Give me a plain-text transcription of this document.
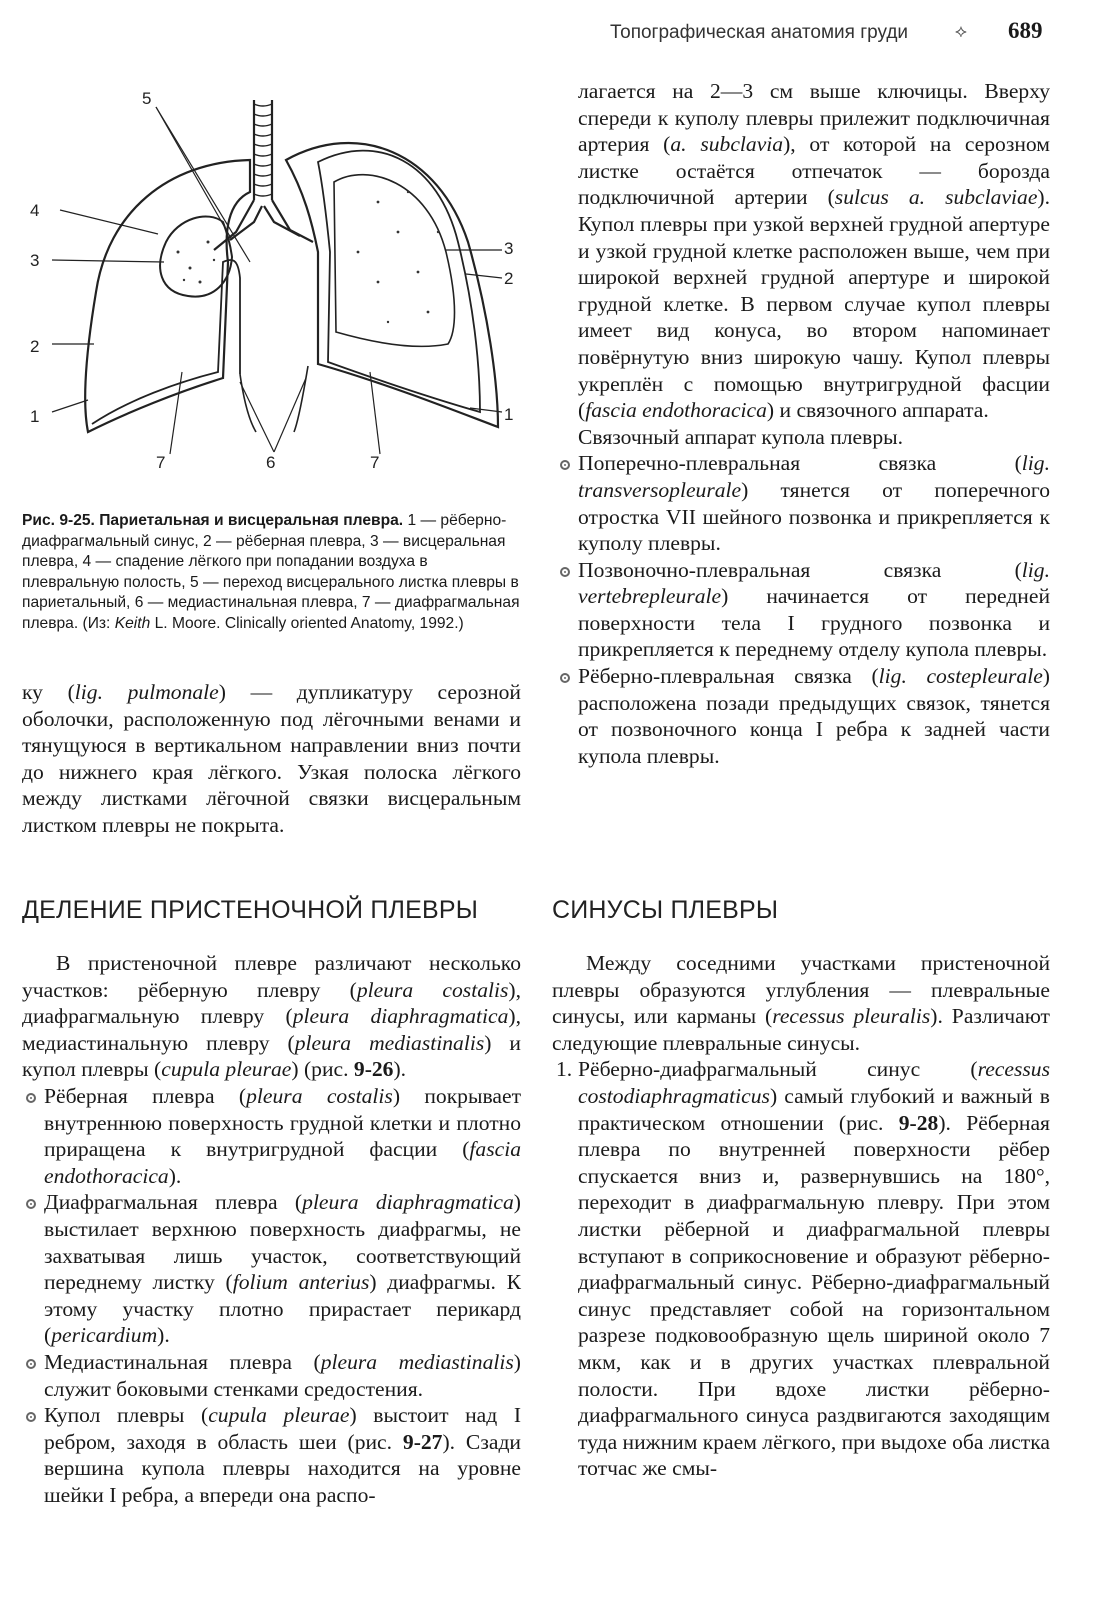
Топографическая анатомия груди	⟡ 689
5
4
3
2
1
3
2
1
7	6	7
Рис. 9-25. Париетальная и висцеральная плевра. 1 — рёберно-диафрагмальный синус, 2 — рёберная плевра, 3 — висцеральная плевра, 4 — спадение лёгкого при попадании воздуха в плевральную полость, 5 — переход висцерального листка плевры в париетальный, 6 — медиастинальная плевра, 7 — диафрагмальная плевра. (Из: Keith L. Moore. Clinically oriented Anatomy, 1992.)

ку (lig. pulmonale) — дупликатуру серозной оболочки, расположенную под лёгочными венами и тянущуюся в вертикальном направлении вниз почти до нижнего края лёгкого. Узкая полоска лёгкого между листками лёгочной связки висцеральным листком плевры не покрыта.

ДЕЛЕНИЕ ПРИСТЕНОЧНОЙ ПЛЕВРЫ

В пристеночной плевре различают несколько участков: рёберную плевру (pleura costalis), диафрагмальную плевру (pleura diaphragmatica), медиастинальную плевру (pleura mediastinalis) и купол плевры (cupula pleurae) (рис. 9-26).

Рёберная плевра (pleura costalis) покрывает внутреннюю поверхность грудной клетки и плотно приращена к внутригрудной фасции (fascia endothoracica).
Диафрагмальная плевра (pleura diaphragmatica) выстилает верхнюю поверхность диафрагмы, не захватывая лишь участок, соответствующий переднему листку (folium anterius) диафрагмы. К этому участку плотно прирастает перикард (pericardium).
Медиастинальная плевра (pleura mediastinalis) служит боковыми стенками средостения.
Купол плевры (cupula pleurae) выстоит над I ребром, заходя в область шеи (рис. 9-27). Сзади вершина купола плевры находится на уровне шейки I ребра, а впереди она распо-

лагается на 2—3 см выше ключицы. Вверху спереди к куполу плевры прилежит подключичная артерия (a. subclavia), от которой на серозном листке остаётся отпечаток — борозда подключичной артерии (sulcus a. subclaviae). Купол плевры при узкой верхней грудной апертуре и узкой грудной клетке расположен выше, чем при широкой верхней грудной апертуре и широкой грудной клетке. В первом случае купол плевры имеет вид конуса, во втором напоминает повёрнутую вниз широкую чашу. Купол плевры укреплён с помощью внутригрудной фасции (fascia endothoracica) и связочного аппарата.

Связочный аппарат купола плевры.

Поперечно-плевральная связка (lig. transversopleurale) тянется от поперечного отростка VII шейного позвонка и прикрепляется к куполу плевры.
Позвоночно-плевральная связка (lig. vertebrepleurale) начинается от передней поверхности тела I грудного позвонка и прикрепляется к переднему отделу купола плевры.
Рёберно-плевральная связка (lig. costepleurale) расположена позади предыдущих связок, тянется от позвоночного конца I ребра к задней части купола плевры.
СИНУСЫ ПЛЕВРЫ

Между соседними участками пристеночной плевры образуются углубления — плевральные синусы, или карманы (recessus pleuralis). Различают следующие плевральные синусы.

1. Рёберно-диафрагмальный синус (recessus costodiaphragmaticus) самый глубокий и важный в практическом отношении (рис. 9-28). Рёберная плевра по внутренней поверхности рёбер спускается вниз и, развернувшись на 180°, переходит в диафрагмальную плевру. При этом листки рёберной и диафрагмальной плевры вступают в соприкосновение и образуют рёберно-диафрагмальный синус. Рёберно-диафрагмальный синус представляет собой на горизонтальном разрезе подковообразную щель шириной около 7 мкм, как и в других участках плевральной полости. При вдохе листки рёберно-диафрагмального синуса раздвигаются заходящим туда нижним краем лёгкого, при выдохе оба листка тотчас же смы-
